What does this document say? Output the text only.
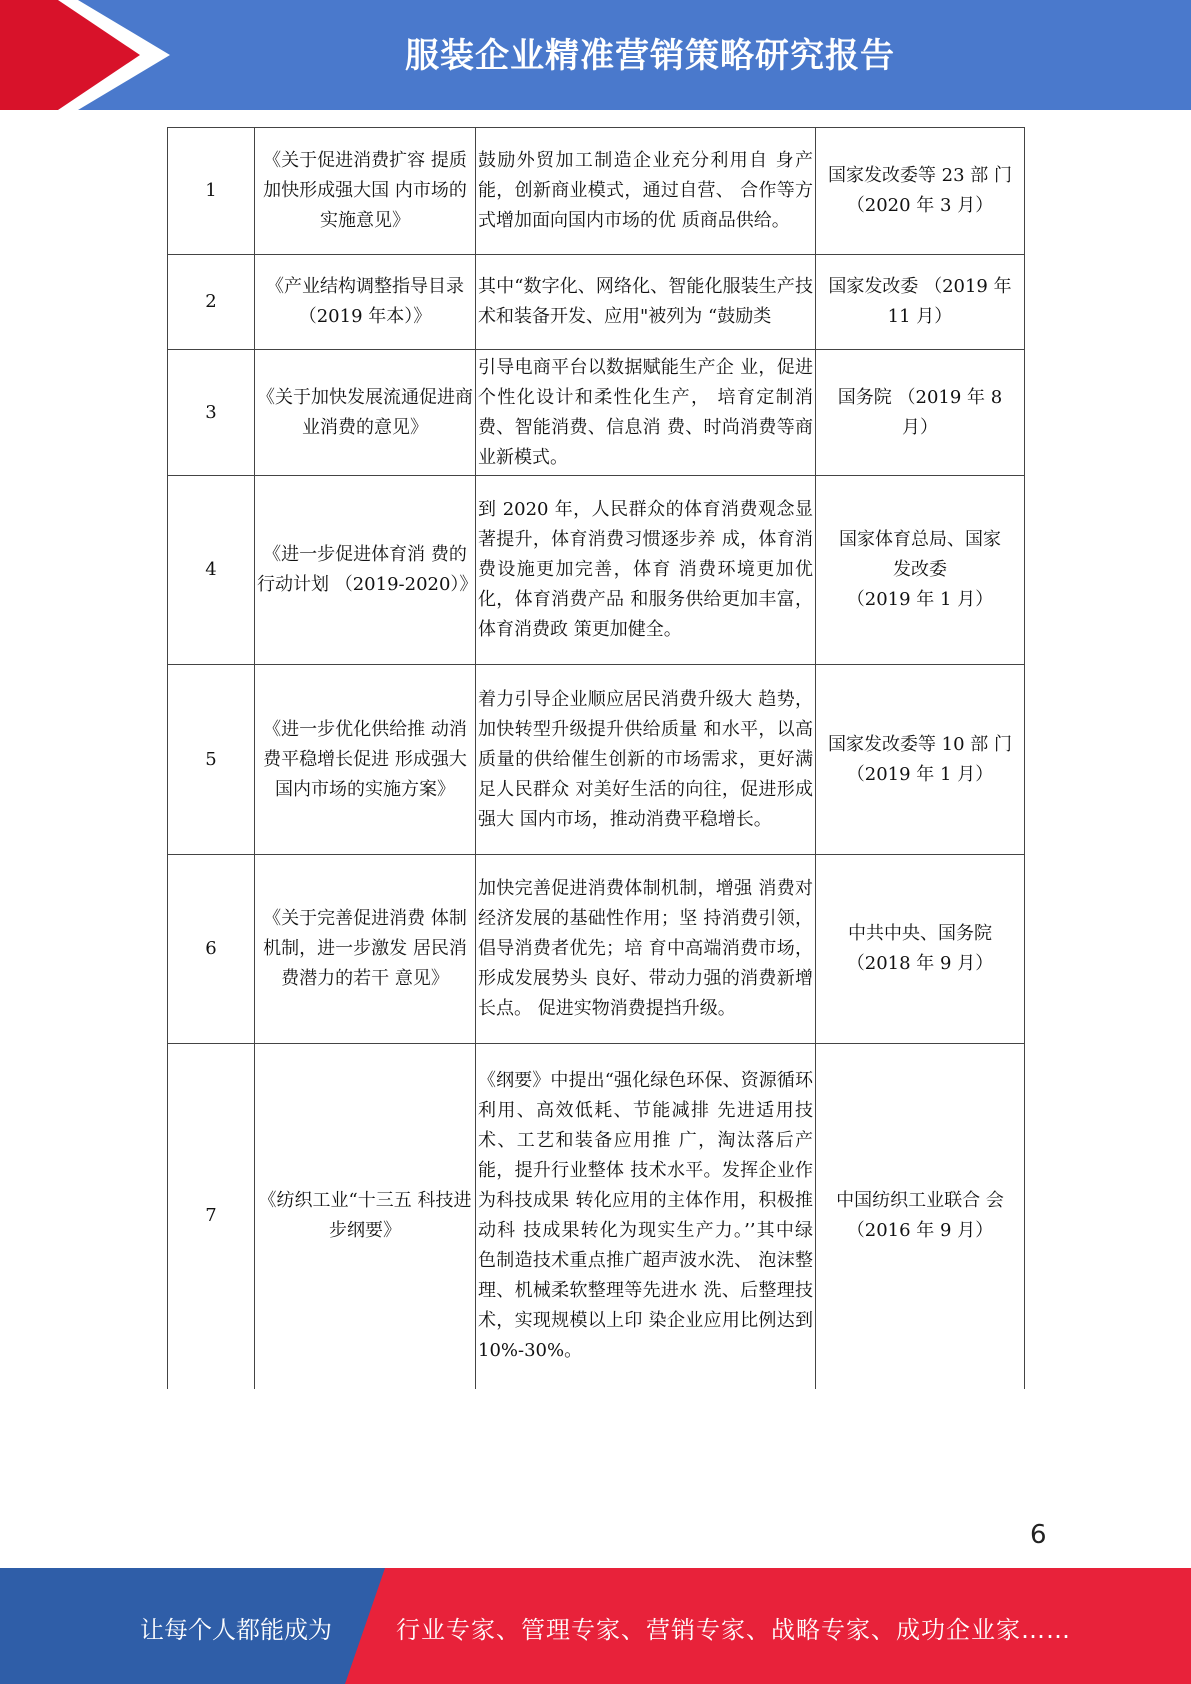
服装企业精准营销策略研究报告
1	《关于促进消费扩容 提质加快形成强大国 内市场的实施意见》	鼓励外贸加工制造企业充分利用自 身产能，创新商业模式，通过自营、 合作等方式增加面向国内市场的优 质商品供给。	国家发改委等 23 部 门
（2020 年 3 月）

2	《产业结构调整指导目录（2019 年本）》	其中“数字化、网络化、智能化服装生产技术和装备开发、应用"被列为 “鼓励类	国家发改委 （2019 年
11 月）

3	《关于加快发展流通促进商业消费的意见》	引导电商平台以数据赋能生产企 业，促进个性化设计和柔性化生产， 培育定制消费、智能消费、信息消 费、时尚消费等商业新模式。	国务院 （2019 年 8
月）

4	《进一步促进体育消 费的行动计划 （2019-2020）》	到 2020 年，人民群众的体育消费观念显著提升，体育消费习惯逐步养 成，体育消费设施更加完善，体育 消费环境更加优化，体育消费产品 和服务供给更加丰富，体育消费政 策更加健全。	国家体育总局、国家
发改委
（2019 年 1 月）

5	《进一步优化供给推 动消费平稳增长促进 形成强大国内市场的实施方案》	着力引导企业顺应居民消费升级大 趋势，加快转型升级提升供给质量 和水平，以高质量的供给催生创新的市场需求，更好满足人民群众 对美好生活的向往，促进形成强大 国内市场，推动消费平稳增长。	国家发改委等 10 部 门
（2019 年 1 月）

6	《关于完善促进消费 体制机制，进一步激发 居民消费潜力的若干 意见》	加快完善促进消费体制机制，增强 消费对经济发展的基础性作用；坚 持消费引领，倡导消费者优先；培 育中高端消费市场，形成发展势头 良好、带动力强的消费新增长点。 促进实物消费提挡升级。	中共中央、国务院
（2018 年 9 月）

7	《纺织工业“十三五 科技进步纲要》	《纲要》中提出“强化绿色环保、资源循环利用、高效低耗、节能减排 先进适用技术、工艺和装备应用推 广，淘汰落后产能，提升行业整体 技术水平。发挥企业作为科技成果 转化应用的主体作用，积极推动科 技成果转化为现实生产力。’’其中绿 色制造技术重点推广超声波水洗、 泡沫整理、机械柔软整理等先进水 洗、后整理技术，实现规模以上印 染企业应用比例达到 10%-30%。	中国纺织工业联合 会
（2016 年 9 月）
6
让每个人都能成为	行业专家、管理专家、营销专家、战略专家、成功企业家……
